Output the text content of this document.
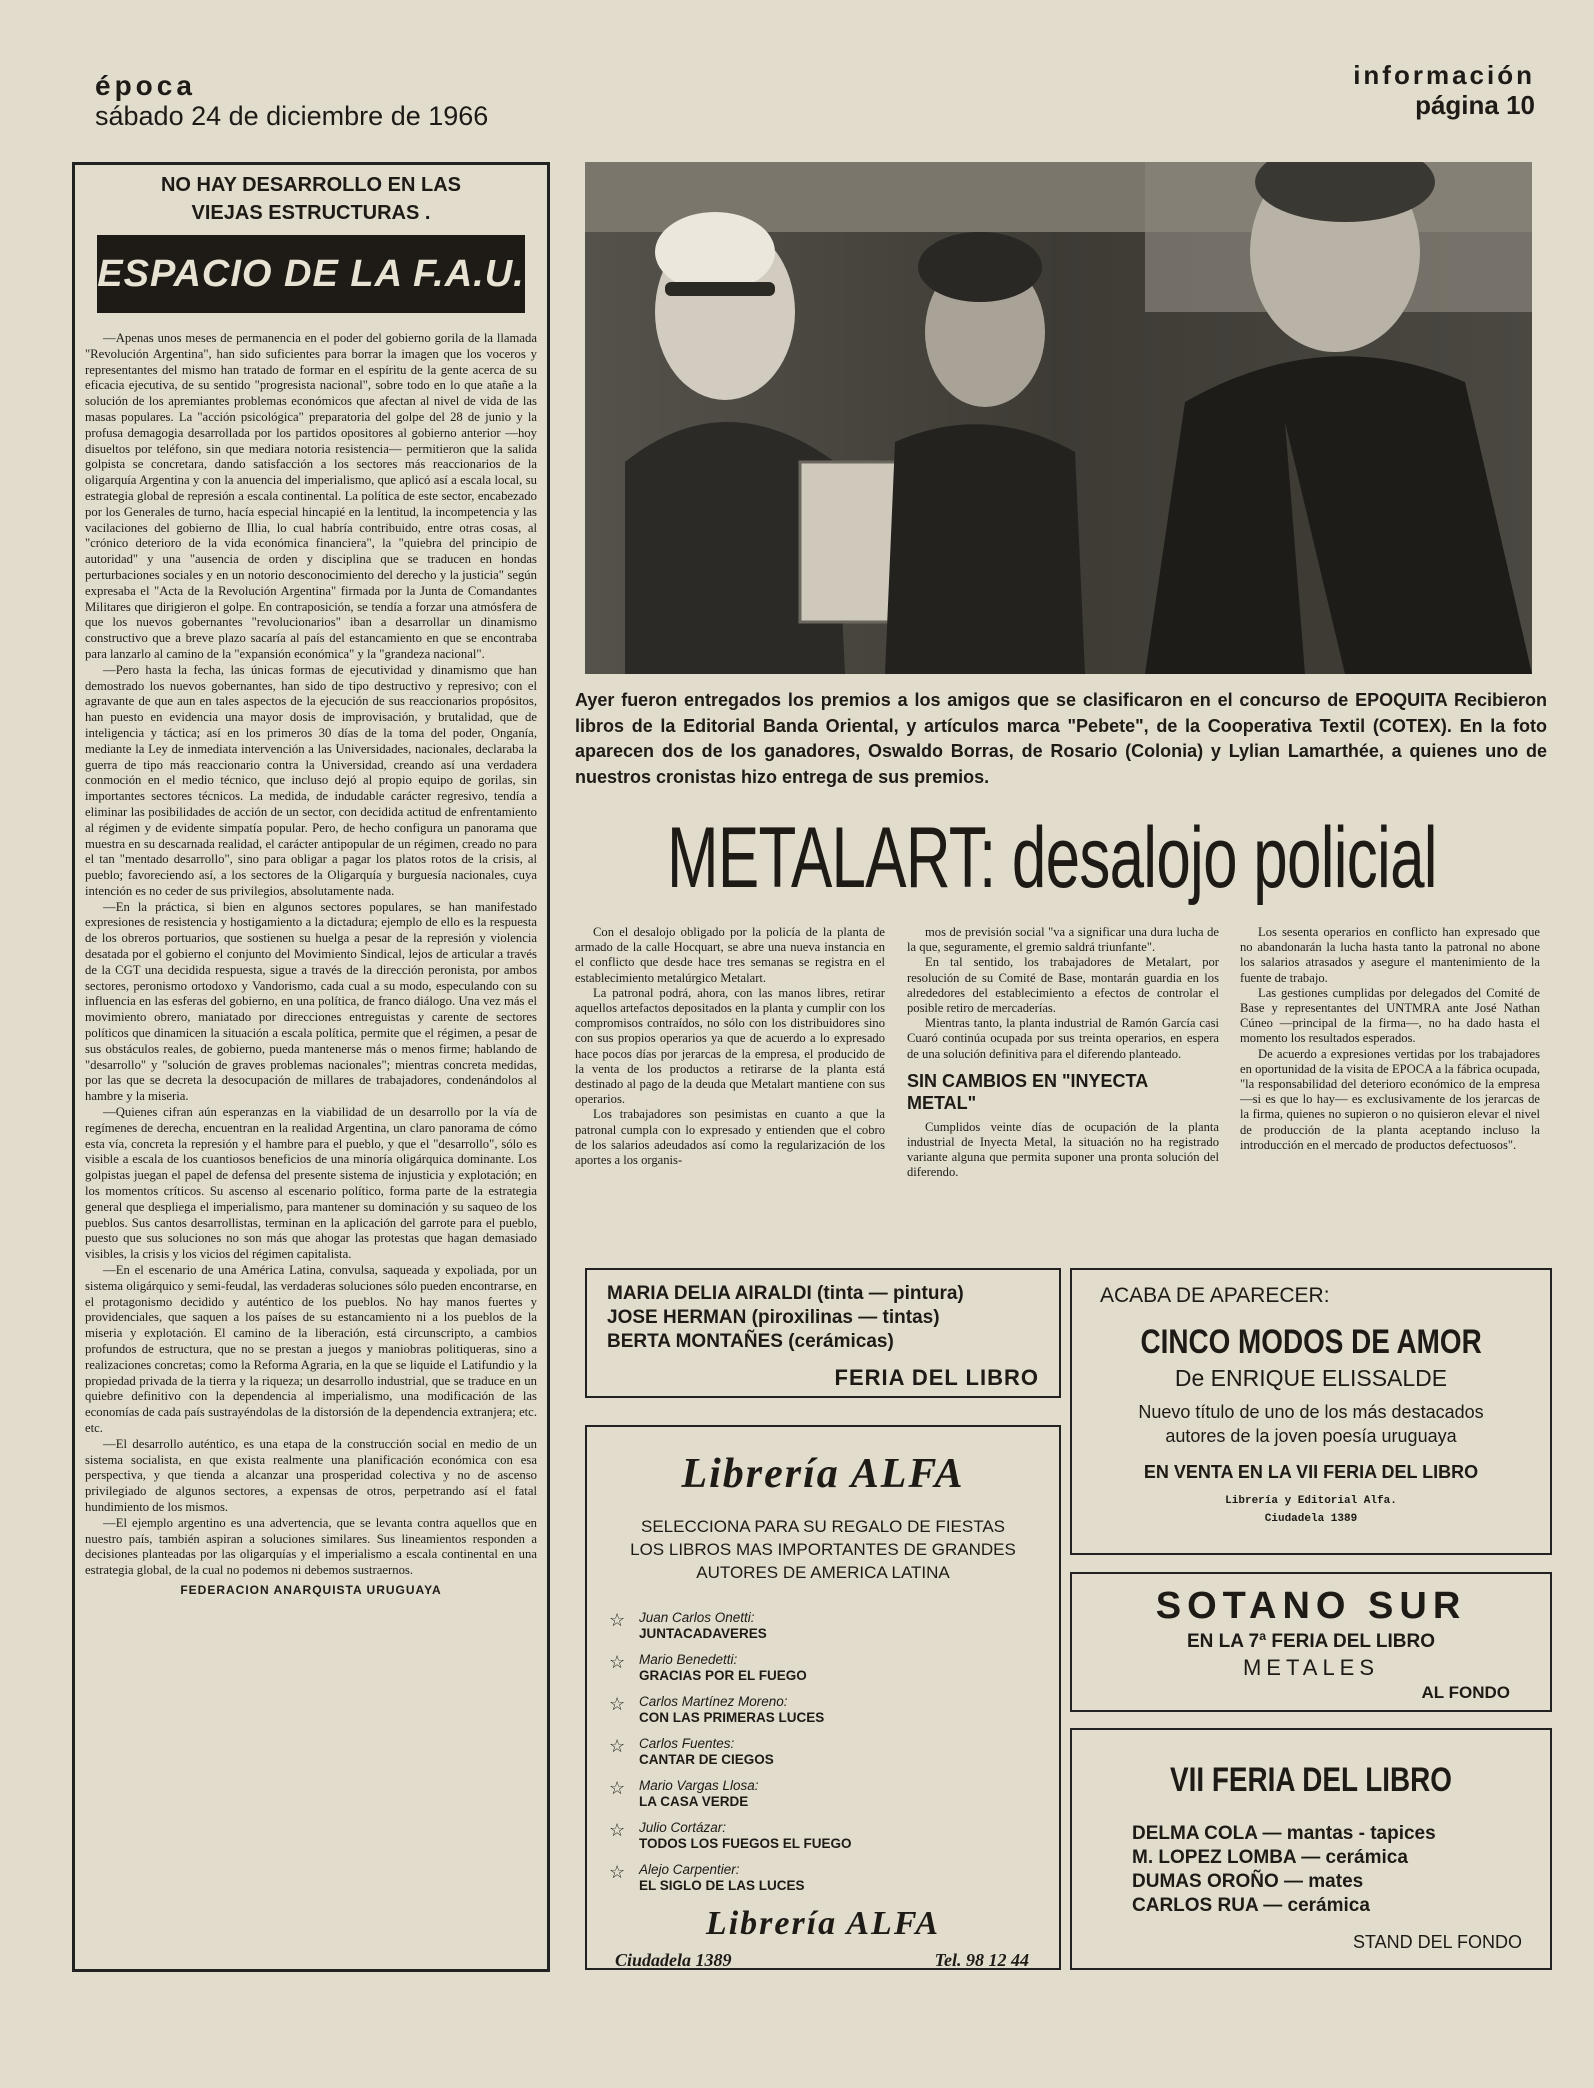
época
sábado 24 de diciembre de 1966
información
página 10
NO HAY DESARROLLO EN LAS
VIEJAS ESTRUCTURAS .
ESPACIO DE LA F.A.U.

—Apenas unos meses de permanencia en el poder del gobierno gorila de la llamada "Revolución Argentina", han sido suficientes para borrar la imagen que los voceros y representantes del mismo han tratado de formar en el espíritu de la gente acerca de su eficacia ejecutiva, de su sentido "progresista nacional", sobre todo en lo que atañe a la solución de los apremiantes problemas económicos que afectan al nivel de vida de las masas populares. La "acción psicológica" preparatoria del golpe del 28 de junio y la profusa demagogia desarrollada por los partidos opositores al gobierno anterior —hoy disueltos por teléfono, sin que mediara notoria resistencia— permitieron que la salida golpista se concretara, dando satisfacción a los sectores más reaccionarios de la oligarquía Argentina y con la anuencia del imperialismo, que aplicó así a escala local, su estrategia global de represión a escala continental. La política de este sector, encabezado por los Generales de turno, hacía especial hincapié en la lentitud, la incompetencia y las vacilaciones del gobierno de Illia, lo cual habría contribuido, entre otras cosas, al "crónico deterioro de la vida económica financiera", la "quiebra del principio de autoridad" y una "ausencia de orden y disciplina que se traducen en hondas perturbaciones sociales y en un notorio desconocimiento del derecho y la justicia" según expresaba el "Acta de la Revolución Argentina" firmada por la Junta de Comandantes Militares que dirigieron el golpe. En contraposición, se tendía a forzar una atmósfera de que los nuevos gobernantes "revolucionarios" iban a desarrollar un dinamismo constructivo que a breve plazo sacaría al país del estancamiento en que se encontraba para lanzarlo al camino de la "expansión económica" y la "grandeza nacional".

—Pero hasta la fecha, las únicas formas de ejecutividad y dinamismo que han demostrado los nuevos gobernantes, han sido de tipo destructivo y represivo; con el agravante de que aun en tales aspectos de la ejecución de sus reaccionarios propósitos, han puesto en evidencia una mayor dosis de improvisación, y brutalidad, que de inteligencia y táctica; así en los primeros 30 días de la toma del poder, Onganía, mediante la Ley de inmediata intervención a las Universidades, nacionales, declaraba la guerra de tipo más reaccionario contra la Universidad, creando así una verdadera conmoción en el medio técnico, que incluso dejó al propio equipo de gorilas, sin importantes sectores técnicos. La medida, de indudable carácter regresivo, tendía a eliminar las posibilidades de acción de un sector, con decidida actitud de enfrentamiento al régimen y de evidente simpatía popular. Pero, de hecho configura un panorama que muestra en su descarnada realidad, el carácter antipopular de un régimen, creado no para el tan "mentado desarrollo", sino para obligar a pagar los platos rotos de la crisis, al pueblo; favoreciendo así, a los sectores de la Oligarquía y burguesía nacionales, cuya intención es no ceder de sus privilegios, absolutamente nada.

—En la práctica, si bien en algunos sectores populares, se han manifestado expresiones de resistencia y hostigamiento a la dictadura; ejemplo de ello es la respuesta de los obreros portuarios, que sostienen su huelga a pesar de la represión y violencia desatada por el gobierno el conjunto del Movimiento Sindical, lejos de articular a través de la CGT una decidida respuesta, sigue a través de la dirección peronista, por ambos sectores, peronismo ortodoxo y Vandorismo, cada cual a su modo, especulando con su influencia en las esferas del gobierno, en una política, de franco diálogo. Una vez más el movimiento obrero, maniatado por direcciones entreguistas y carente de sectores políticos que dinamicen la situación a escala política, permite que el régimen, a pesar de sus obstáculos reales, de gobierno, pueda mantenerse más o menos firme; hablando de "desarrollo" y "solución de graves problemas nacionales"; mientras concreta medidas, por las que se decreta la desocupación de millares de trabajadores, condenándolos al hambre y la miseria.

—Quienes cifran aún esperanzas en la viabilidad de un desarrollo por la vía de regímenes de derecha, encuentran en la realidad Argentina, un claro panorama de cómo esta vía, concreta la represión y el hambre para el pueblo, y que el "desarrollo", sólo es visible a escala de los cuantiosos beneficios de una minoría oligárquica dominante. Los golpistas juegan el papel de defensa del presente sistema de injusticia y explotación; en los momentos críticos. Su ascenso al escenario político, forma parte de la estrategia general que despliega el imperialismo, para mantener su dominación y su saqueo de los pueblos. Sus cantos desarrollistas, terminan en la aplicación del garrote para el pueblo, puesto que sus soluciones no son más que ahogar las protestas que hagan demasiado visibles, la crisis y los vicios del régimen capitalista.

—En el escenario de una América Latina, convulsa, saqueada y expoliada, por un sistema oligárquico y semi-feudal, las verdaderas soluciones sólo pueden encontrarse, en el protagonismo decidido y auténtico de los pueblos. No hay manos fuertes y providenciales, que saquen a los países de su estancamiento ni a los pueblos de la miseria y explotación. El camino de la liberación, está circunscripto, a cambios profundos de estructura, que no se prestan a juegos y maniobras politiqueras, sino a realizaciones concretas; como la Reforma Agraria, en la que se liquide el Latifundio y la propiedad privada de la tierra y la riqueza; un desarrollo industrial, que se traduce en un quiebre definitivo con la dependencia al imperialismo, una modificación de las economías de cada país sustrayéndolas de la distorsión de la dependencia extranjera; etc. etc.

—El desarrollo auténtico, es una etapa de la construcción social en medio de un sistema socialista, en que exista realmente una planificación económica con esa perspectiva, y que tienda a alcanzar una prosperidad colectiva y no de ascenso privilegiado de algunos sectores, a expensas de otros, perpetrando así el fatal hundimiento de los mismos.

—El ejemplo argentino es una advertencia, que se levanta contra aquellos que en nuestro país, también aspiran a soluciones similares. Sus lineamientos responden a decisiones planteadas por las oligarquías y el imperialismo a escala continental en una estrategia global, de la cual no podemos ni debemos sustraernos.

FEDERACION ANARQUISTA URUGUAYA
Ayer fueron entregados los premios a los amigos que se clasificaron en el concurso de EPOQUITA Recibieron libros de la Editorial Banda Oriental, y artículos marca "Pebete", de la Cooperativa Textil (COTEX). En la foto aparecen dos de los ganadores, Oswaldo Borras, de Rosario (Colonia) y Lylian Lamarthée, a quienes uno de nuestros cronistas hizo entrega de sus premios.
METALART: desalojo policial

Con el desalojo obligado por la policía de la planta de armado de la calle Hocquart, se abre una nueva instancia en el conflicto que desde hace tres semanas se registra en el establecimiento metalúrgico Metalart.

La patronal podrá, ahora, con las manos libres, retirar aquellos artefactos depositados en la planta y cumplir con los compromisos contraídos, no sólo con los distribuidores sino con sus propios operarios ya que de acuerdo a lo expresado hace pocos días por jerarcas de la empresa, el producido de la venta de los productos a retirarse de la planta está destinado al pago de la deuda que Metalart mantiene con sus operarios.

Los trabajadores son pesimistas en cuanto a que la patronal cumpla con lo expresado y entienden que el cobro de los salarios adeudados así como la regularización de los aportes a los organis-

mos de previsión social "va a significar una dura lucha de la que, seguramente, el gremio saldrá triunfante".

En tal sentido, los trabajadores de Metalart, por resolución de su Comité de Base, montarán guardia en los alrededores del establecimiento a efectos de controlar el posible retiro de mercaderías.

Mientras tanto, la planta industrial de Ramón García casi Cuaró continúa ocupada por sus treinta operarios, en espera de una solución definitiva para el diferendo planteado.

SIN CAMBIOS EN "INYECTA METAL"

Cumplidos veinte días de ocupación de la planta industrial de Inyecta Metal, la situación no ha registrado variante alguna que permita suponer una pronta solución del diferendo.

Los sesenta operarios en conflicto han expresado que no abandonarán la lucha hasta tanto la patronal no abone los salarios atrasados y asegure el mantenimiento de la fuente de trabajo.

Las gestiones cumplidas por delegados del Comité de Base y representantes del UNTMRA ante José Nathan Cúneo —principal de la firma—, no ha dado hasta el momento los resultados esperados.

De acuerdo a expresiones vertidas por los trabajadores en oportunidad de la visita de EPOCA a la fábrica ocupada, "la responsabilidad del deterioro económico de la empresa —si es que lo hay— es exclusivamente de los jerarcas de la firma, quienes no supieron o no quisieron elevar el nivel de producción de la planta aceptando incluso la introducción en el mercado de productos defectuosos".

MARIA DELIA AIRALDI (tinta — pintura)
JOSE HERMAN (piroxilinas — tintas)
BERTA MONTAÑES (cerámicas)
FERIA DEL LIBRO
ACABA DE APARECER:
CINCO MODOS DE AMOR
De ENRIQUE ELISSALDE
Nuevo título de uno de los más destacados
autores de la joven poesía uruguaya
EN VENTA EN LA VII FERIA DEL LIBRO
Librería y Editorial Alfa.
Ciudadela 1389
Librería ALFA
SELECCIONA PARA SU REGALO DE FIESTAS
LOS LIBROS MAS IMPORTANTES DE GRANDES
AUTORES DE AMERICA LATINA
☆	Juan Carlos Onetti:
JUNTACADAVERES
☆	Mario Benedetti:
GRACIAS POR EL FUEGO
☆	Carlos Martínez Moreno:
CON LAS PRIMERAS LUCES
☆	Carlos Fuentes:
CANTAR DE CIEGOS
☆	Mario Vargas Llosa:
LA CASA VERDE
☆	Julio Cortázar:
TODOS LOS FUEGOS EL FUEGO
☆	Alejo Carpentier:
EL SIGLO DE LAS LUCES
Librería ALFA
Ciudadela 1389	Tel. 98 12 44
SOTANO SUR
EN LA 7ª FERIA DEL LIBRO
METALES
AL FONDO
VII FERIA DEL LIBRO
DELMA COLA — mantas - tapices
M. LOPEZ LOMBA — cerámica
DUMAS OROÑO — mates
CARLOS RUA — cerámica
STAND DEL FONDO
